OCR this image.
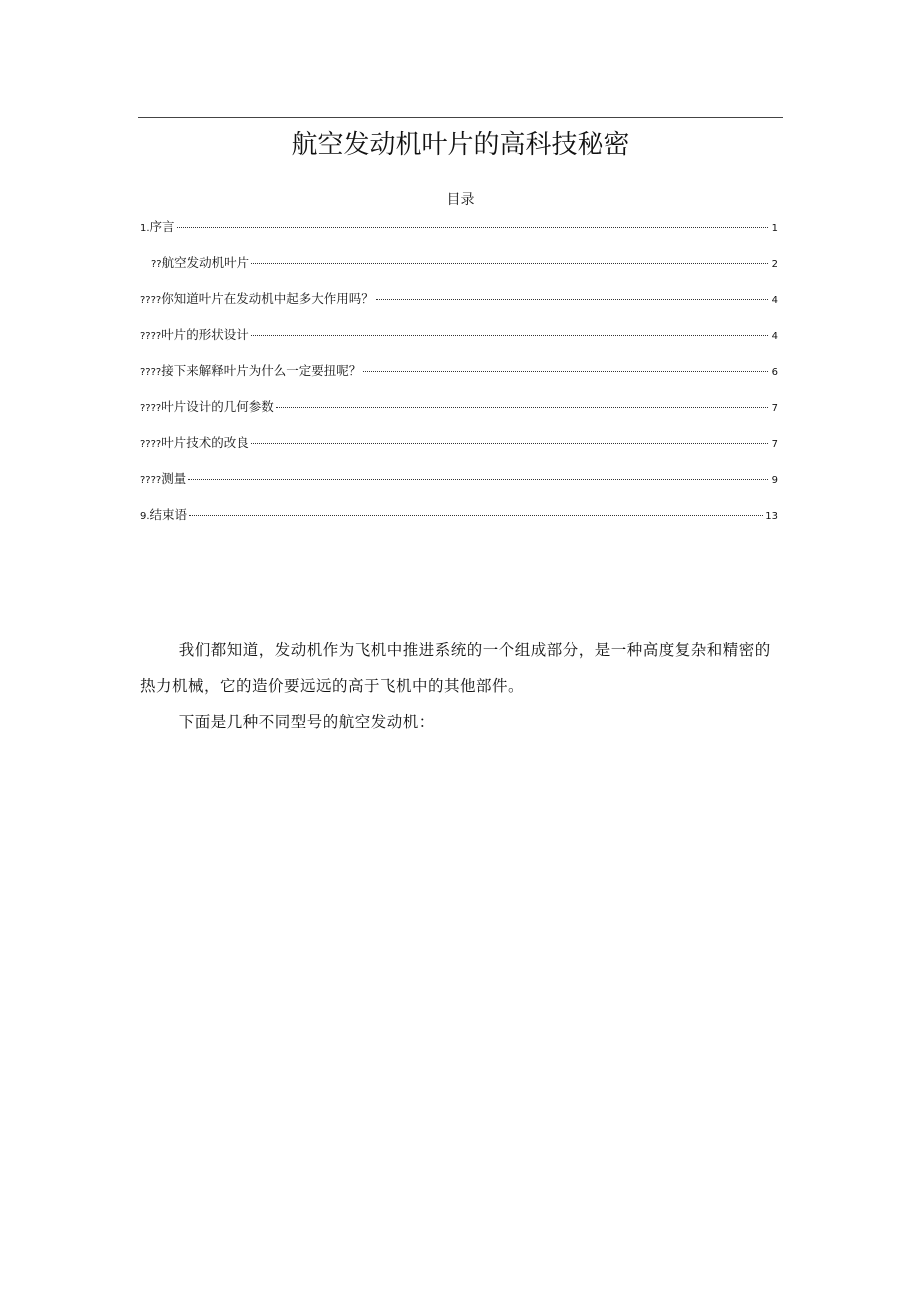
航空发动机叶片的高科技秘密
目录
1. 序言	1
?? 航空发动机叶片	2
???? 你知道叶片在发动机中起多大作用吗？	4
???? 叶片的形状设计	4
???? 接下来解释叶片为什么一定要扭呢？	6
???? 叶片设计的几何参数	7
???? 叶片技术的改良	7
???? 测量	9
9. 结束语	13

我们都知道，发动机作为飞机中推进系统的一个组成部分，是一种高度复杂和精密的热力机械，它的造价要远远的高于飞机中的其他部件。

下面是几种不同型号的航空发动机：
